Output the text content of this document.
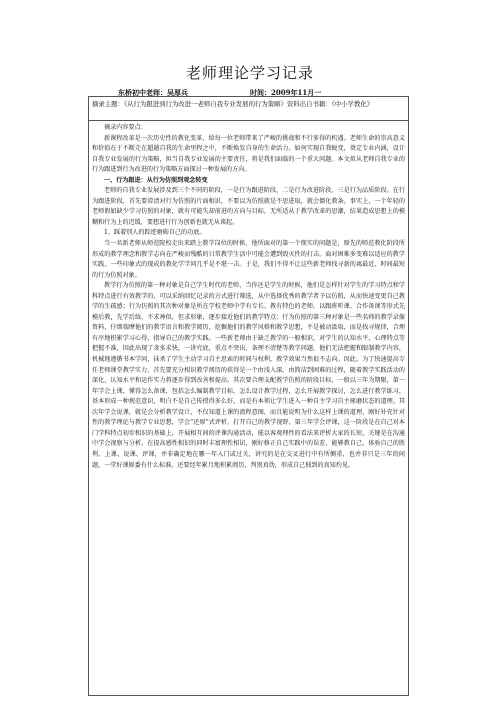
老师理论学习记录
东桥初中老师：吴厚兵	时间：2009年11月一
摘录主题：《从行为跟进到行为改进一老师自我专业发展的行为策略》资料出自书籍：《中小学教化》

摘录内容要点：

新课程改革是一次历史性的教化变革，给每一位老师带来了严峻的挑战和不行多得的机遇。老师生命的崇高意义和价值在于不断走在超越自我的生命里程之中，不断焕发自身的生命活力。如何实现自我蜕变，奠定专业内涵，设计自我专业发展的行为策略，担当自我专业发展的主要责任，将是我们面临的一个重大问题。本文拟从老师自我专业的行为跟进到行为改进的行为策略方面探讨一种发展的方向。

一、行为跟进：从行为仿照到观念转变

老师的自我专业发展涉及到三个不同的阶段，一是行为跟进阶段，二是行为改进阶段，三是行为品质阶段。在行为跟进阶段，首先要澄清对行为仿照的片面相识，不要以为仿照就是不思进取，就会僵化教条。事实上，一个年轻的老师假如缺少学习仿照的对象，就有可能失却前进的方向与目标，无所适从于教学改革的思潮，结果造成思想上的模糊和行为上的迟缓，要想进行行为创新也就无从谈起。

1、踩着别人的踪迹磨砺自己的功底。

当一名新老师从师范院校走出来踏上教学岗位的时候，他所面对的第一个现实的问题是，原先的师范教化阶段所形成的教学理念和教学志向在严峻而残酷的日常教学生活中可能会遭到毁灭性的打击。面对困难多变难以适应的教学实践，一些印象式的现成的教化学学问几乎是不堪一击。于是，我们不得不让这些新老师找寻新的离最近、时间最短的行为仿照对象。

教学行为仿照的第一种对象是自己学生时代的老师，当你还是学生的时候，他们是怎样针对学生的学习特点和学科特点进行有效教学的，可以采纳回忆记录的方式进行筛选，从中选择优秀的教学者予以仿照，从而快速变更自己教学的生疏感；行为仿照的其次种对象是所在学校老师中学有专长、教有特色的老师，以跟班听课、合作备课等形式先模后教，先学后练，不求神似，但求形象，逐步接近他们的教学特点；行为仿照的第三种对象是一些名师的教学录像资料，仔细揣摩他们的教学语言和教学阅历，挖掘他们的教学风格和教学思想，不是被动汲取，而是找寻规律，合理有序地积累学习心得，指导自己的教学实践。一些新老师由于缺乏教学的一般相识，对学生的认知水平、心理特点等把握不准，因此出现了贪多求快，一讲究底，重点不突出，条理不清楚等教学问题，他们无法把握和限制教学内容，机械地遵循书本学问，抹杀了学生主动学习自主思索的时间与权利，教学效果当然很不志向。因此，为了快速提高专任老师课堂教学实力，首先要充分相识教学阅历的获得是一个由浅入深、由简洁到困难的过程，随着教学实践活动的深化，认知水平和运作实力将逐步得到改善和提高。其次要合理支配教学仿照的阶段目标，一般以三年为期限，第一年学会上课，懂得怎么备课，包括怎么编制教学目标，怎么设计教学过程，怎么开展教学探讨，怎么进行教学练习，基本形成一种规范意识，明白不是自己传授得多么好，而是有本领让学生进入一种自主学习自主琢磨状态的道理。其次年学会说课，就是会分析教学设计，不仅知道上课的流程意图，而且能说明为什么这样上课的道理，刚好补充针对性的教学理论与教学专业思想，学会“还原”式评析，打开自己的教学视野。第三年学会评课，这一阶段是在自己对本门学科特点初步相识的基础上，开展相互间的评课沟通活动，能以客观理性的看法来评析大家的长短，关键是在沟通中学会视察与分析，在提高感性相识的同时丰富理性相识，刚好修正自己实践中的误差，能够教自己，体验自己的胜利。上课、说课、评课，并非确定地在哪一年入门或过关，讲究的是在交叉进行中有所侧重，也并非只是三年的间题，一堂好课原委有什么标准，还要经年累月地积累阅历，判别真伪，形成自己独到的真知灼见。
